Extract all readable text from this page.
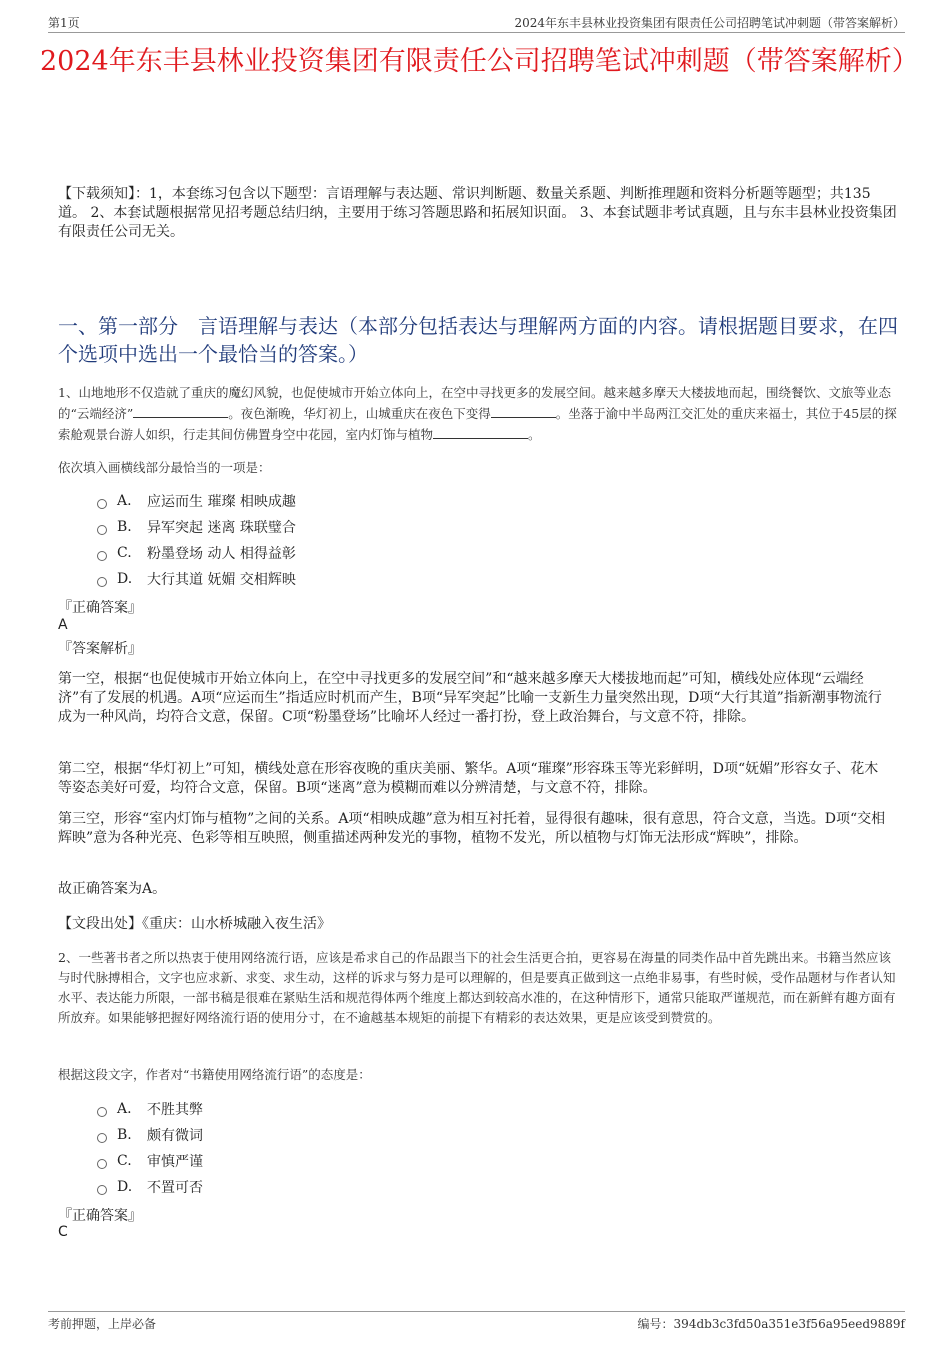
第1页	2024年东丰县林业投资集团有限责任公司招聘笔试冲刺题（带答案解析）
2024年东丰县林业投资集团有限责任公司招聘笔试冲刺题（带答案解析）
【下载须知】：1，本套练习包含以下题型：言语理解与表达题、常识判断题、数量关系题、判断推理题和资料分析题等题型；共135道。 2、本套试题根据常见招考题总结归纳，主要用于练习答题思路和拓展知识面。 3、本套试题非考试真题，且与东丰县林业投资集团有限责任公司无关。
一、第一部分　言语理解与表达（本部分包括表达与理解两方面的内容。请根据题目要求，在四个选项中选出一个最恰当的答案。）
1、山地地形不仅造就了重庆的魔幻风貌，也促使城市开始立体向上，在空中寻找更多的发展空间。越来越多摩天大楼拔地而起，围绕餐饮、文旅等业态的“云端经济”	。夜色渐晚，华灯初上，山城重庆在夜色下变得	。坐落于渝中半岛两江交汇处的重庆来福士，其位于45层的探索舱观景台游人如织，行走其间仿佛置身空中花园，室内灯饰与植物	。
依次填入画横线部分最恰当的一项是：
A.	应运而生 璀璨 相映成趣
B.	异军突起 迷离 珠联璧合
C.	粉墨登场 动人 相得益彰
D.	大行其道 妩媚 交相辉映
『正确答案』
A
『答案解析』
第一空，根据“也促使城市开始立体向上，在空中寻找更多的发展空间”和“越来越多摩天大楼拔地而起”可知，横线处应体现“云端经济”有了发展的机遇。A项“应运而生”指适应时机而产生，B项“异军突起”比喻一支新生力量突然出现，D项“大行其道”指新潮事物流行成为一种风尚，均符合文意，保留。C项“粉墨登场”比喻坏人经过一番打扮，登上政治舞台，与文意不符，排除。
第二空，根据“华灯初上”可知，横线处意在形容夜晚的重庆美丽、繁华。A项“璀璨”形容珠玉等光彩鲜明，D项“妩媚”形容女子、花木等姿态美好可爱，均符合文意，保留。B项“迷离”意为模糊而难以分辨清楚，与文意不符，排除。
第三空，形容“室内灯饰与植物”之间的关系。A项“相映成趣”意为相互衬托着，显得很有趣味，很有意思，符合文意，当选。D项“交相辉映”意为各种光亮、色彩等相互映照，侧重描述两种发光的事物，植物不发光，所以植物与灯饰无法形成“辉映”，排除。
故正确答案为A。
【文段出处】《重庆：山水桥城融入夜生活》
2、一些著书者之所以热衷于使用网络流行语，应该是希求自己的作品跟当下的社会生活更合拍，更容易在海量的同类作品中首先跳出来。书籍当然应该与时代脉搏相合，文字也应求新、求变、求生动，这样的诉求与努力是可以理解的，但是要真正做到这一点绝非易事，有些时候，受作品题材与作者认知水平、表达能力所限，一部书稿是很难在紧贴生活和规范得体两个维度上都达到较高水准的，在这种情形下，通常只能取严谨规范，而在新鲜有趣方面有所放弃。如果能够把握好网络流行语的使用分寸，在不逾越基本规矩的前提下有精彩的表达效果，更是应该受到赞赏的。
根据这段文字，作者对“书籍使用网络流行语”的态度是：
A.	不胜其弊
B.	颇有微词
C.	审慎严谨
D.	不置可否
『正确答案』
C
考前押题，上岸必备	编号：394db3c3fd50a351e3f56a95eed9889f
